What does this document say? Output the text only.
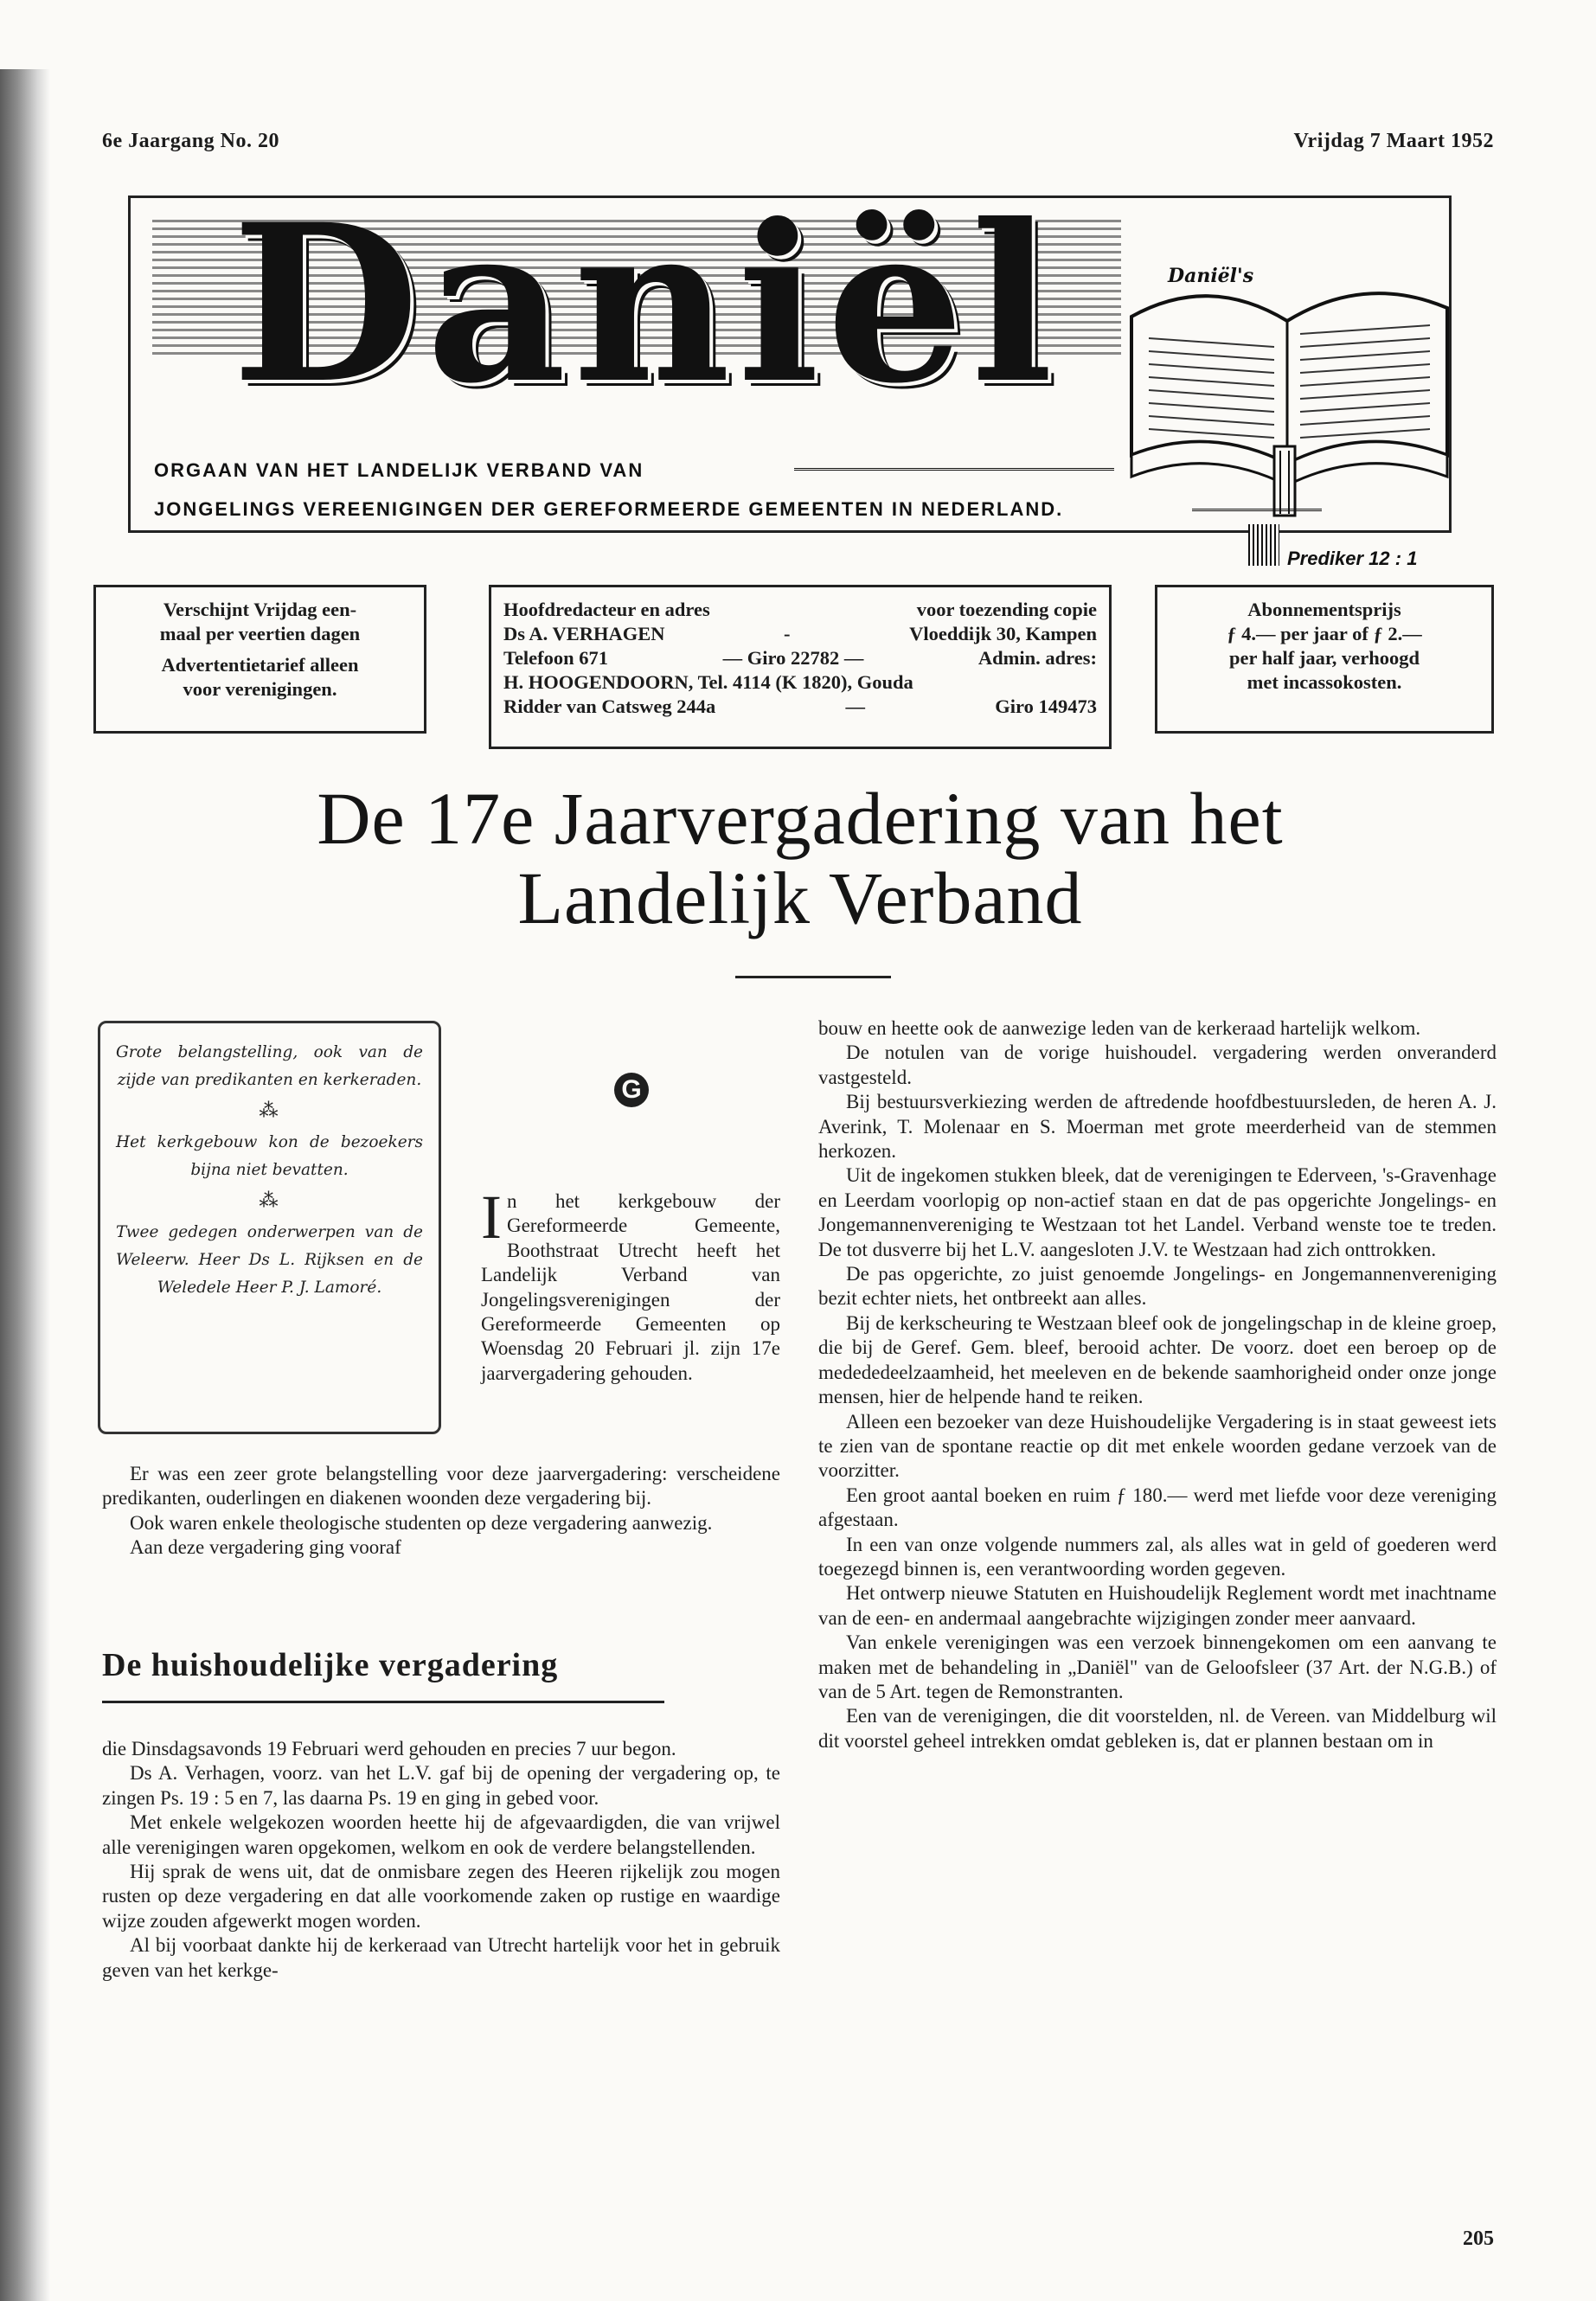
6e Jaargang No. 20	Vrijdag 7 Maart 1952
Daniël	Daniël's
ORGAAN VAN HET LANDELIJK VERBAND VAN
JONGELINGS VEREENIGINGEN DER GEREFORMEERDE GEMEENTEN IN NEDERLAND.
Prediker 12 : 1
Verschijnt Vrijdag een-
maal per veertien dagen
Advertentietarief alleen
voor verenigingen.
Hoofdredacteur en adres	voor toezending copie
Ds A. VERHAGEN	-	Vloeddijk 30, Kampen
Telefoon 671	— Giro 22782 —	Admin. adres:
H. HOOGENDOORN, Tel. 4114 (K 1820), Gouda
Ridder van Catsweg 244a	—	Giro 149473
Abonnementsprijs
ƒ 4.— per jaar of ƒ 2.—
per half jaar, verhoogd
met incassokosten.
De 17e Jaarvergadering van het
Landelijk Verband

Grote belangstelling, ook van de zijde van predikanten en kerkeraden.

⁂

Het kerkgebouw kon de bezoekers bijna niet bevatten.

⁂

Twee gedegen onderwerpen van de Weleerw. Heer Ds L. Rijksen en de Weledele Heer P. J. Lamoré.

G
I n het kerkgebouw der Gereformeerde Gemeente, Boothstraat Utrecht heeft het Landelijk Verband van Jongelingsverenigingen der Gereformeerde Gemeenten op Woensdag 20 Februari jl. zijn 17e jaarvergadering gehouden.

Er was een zeer grote belangstelling voor deze jaarvergadering: verscheidene predikanten, ouderlingen en diakenen woonden deze vergadering bij.

Ook waren enkele theologische studenten op deze vergadering aanwezig.

Aan deze vergadering ging vooraf

De huishoudelijke vergadering

die Dinsdagsavonds 19 Februari werd gehouden en precies 7 uur begon.

Ds A. Verhagen, voorz. van het L.V. gaf bij de opening der vergadering op, te zingen Ps. 19 : 5 en 7, las daarna Ps. 19 en ging in gebed voor.

Met enkele welgekozen woorden heette hij de afgevaardigden, die van vrijwel alle verenigingen waren opgekomen, welkom en ook de verdere belangstellenden.

Hij sprak de wens uit, dat de onmisbare zegen des Heeren rijkelijk zou mogen rusten op deze vergadering en dat alle voorkomende zaken op rustige en waardige wijze zouden afgewerkt mogen worden.

Al bij voorbaat dankte hij de kerkeraad van Utrecht hartelijk voor het in gebruik geven van het kerkge-

bouw en heette ook de aanwezige leden van de kerkeraad hartelijk welkom.

De notulen van de vorige huishoudel. vergadering werden onveranderd vastgesteld.

Bij bestuursverkiezing werden de aftredende hoofdbestuursleden, de heren A. J. Averink, T. Molenaar en S. Moerman met grote meerderheid van de stemmen herkozen.

Uit de ingekomen stukken bleek, dat de verenigingen te Ederveen, 's-Gravenhage en Leerdam voorlopig op non-actief staan en dat de pas opgerichte Jongelings- en Jongemannenvereniging te Westzaan tot het Landel. Verband wenste toe te treden. De tot dusverre bij het L.V. aangesloten J.V. te Westzaan had zich onttrokken.

De pas opgerichte, zo juist genoemde Jongelings- en Jongemannenvereniging bezit echter niets, het ontbreekt aan alles.

Bij de kerkscheuring te Westzaan bleef ook de jongelingschap in de kleine groep, die bij de Geref. Gem. bleef, berooid achter. De voorz. doet een beroep op de medededeelzaamheid, het meeleven en de bekende saamhorigheid onder onze jonge mensen, hier de helpende hand te reiken.

Alleen een bezoeker van deze Huishoudelijke Vergadering is in staat geweest iets te zien van de spontane reactie op dit met enkele woorden gedane verzoek van de voorzitter.

Een groot aantal boeken en ruim ƒ 180.— werd met liefde voor deze vereniging afgestaan.

In een van onze volgende nummers zal, als alles wat in geld of goederen werd toegezegd binnen is, een verantwoording worden gegeven.

Het ontwerp nieuwe Statuten en Huishoudelijk Reglement wordt met inachtname van de een- en andermaal aangebrachte wijzigingen zonder meer aanvaard.

Van enkele verenigingen was een verzoek binnengekomen om een aanvang te maken met de behandeling in „Daniël" van de Geloofsleer (37 Art. der N.G.B.) of van de 5 Art. tegen de Remonstranten.

Een van de verenigingen, die dit voorstelden, nl. de Vereen. van Middelburg wil dit voorstel geheel intrekken omdat gebleken is, dat er plannen bestaan om in

205
